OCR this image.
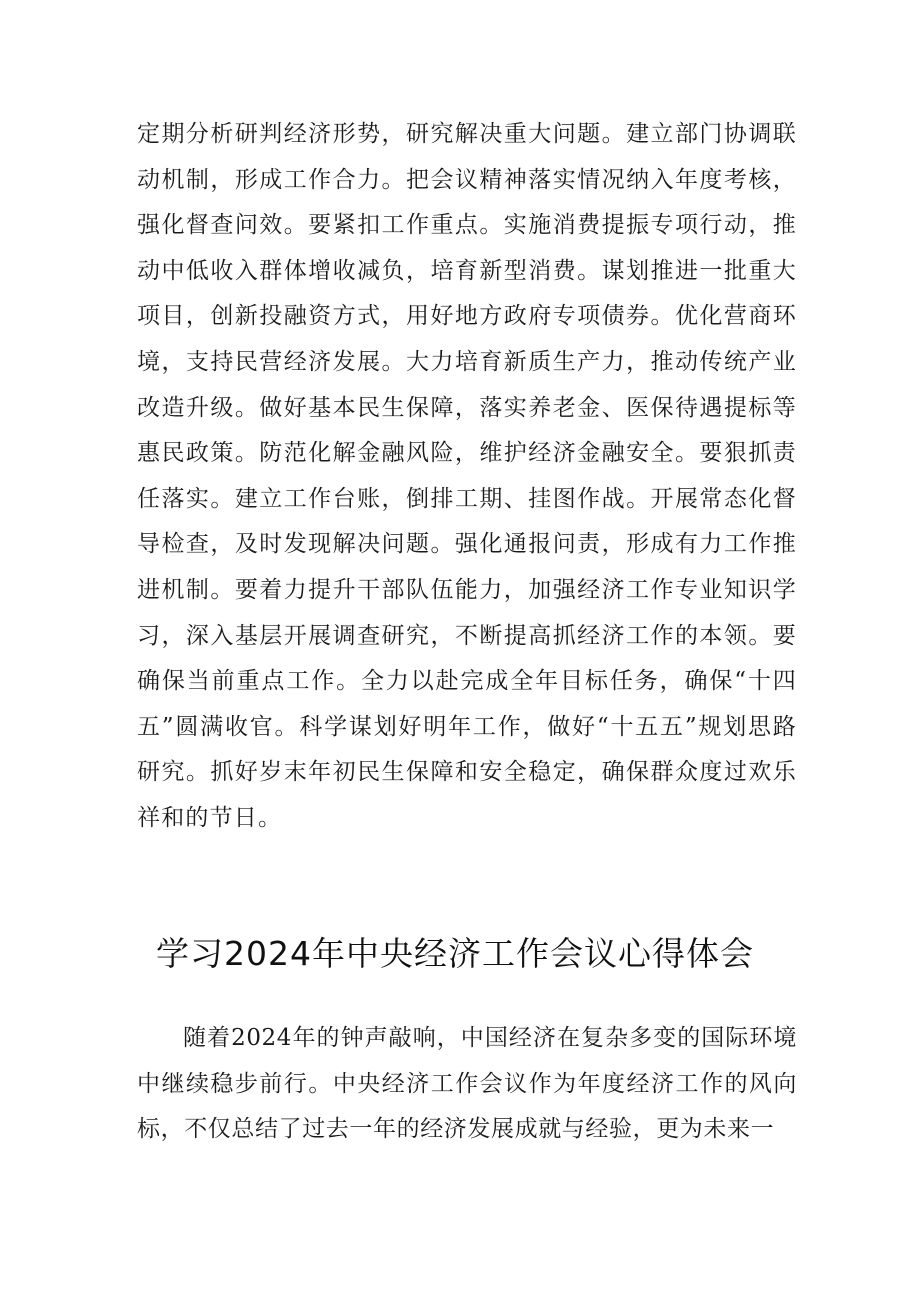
定期分析研判经济形势，研究解决重大问题。建立部门协调联动机制，形成工作合力。把会议精神落实情况纳入年度考核，强化督查问效。要紧扣工作重点。实施消费提振专项行动，推动中低收入群体增收减负，培育新型消费。谋划推进一批重大项目，创新投融资方式，用好地方政府专项债券。优化营商环境，支持民营经济发展。大力培育新质生产力，推动传统产业改造升级。做好基本民生保障，落实养老金、医保待遇提标等惠民政策。防范化解金融风险，维护经济金融安全。要狠抓责任落实。建立工作台账，倒排工期、挂图作战。开展常态化督导检查，及时发现解决问题。强化通报问责，形成有力工作推进机制。要着力提升干部队伍能力，加强经济工作专业知识学习，深入基层开展调查研究，不断提高抓经济工作的本领。要确保当前重点工作。全力以赴完成全年目标任务，确保“十四五”圆满收官。科学谋划好明年工作，做好“十五五”规划思路研究。抓好岁末年初民生保障和安全稳定，确保群众度过欢乐祥和的节日。

学习2024年中央经济工作会议心得体会

随着2024年的钟声敲响，中国经济在复杂多变的国际环境中继续稳步前行。中央经济工作会议作为年度经济工作的风向标，不仅总结了过去一年的经济发展成就与经验，更为未来一
